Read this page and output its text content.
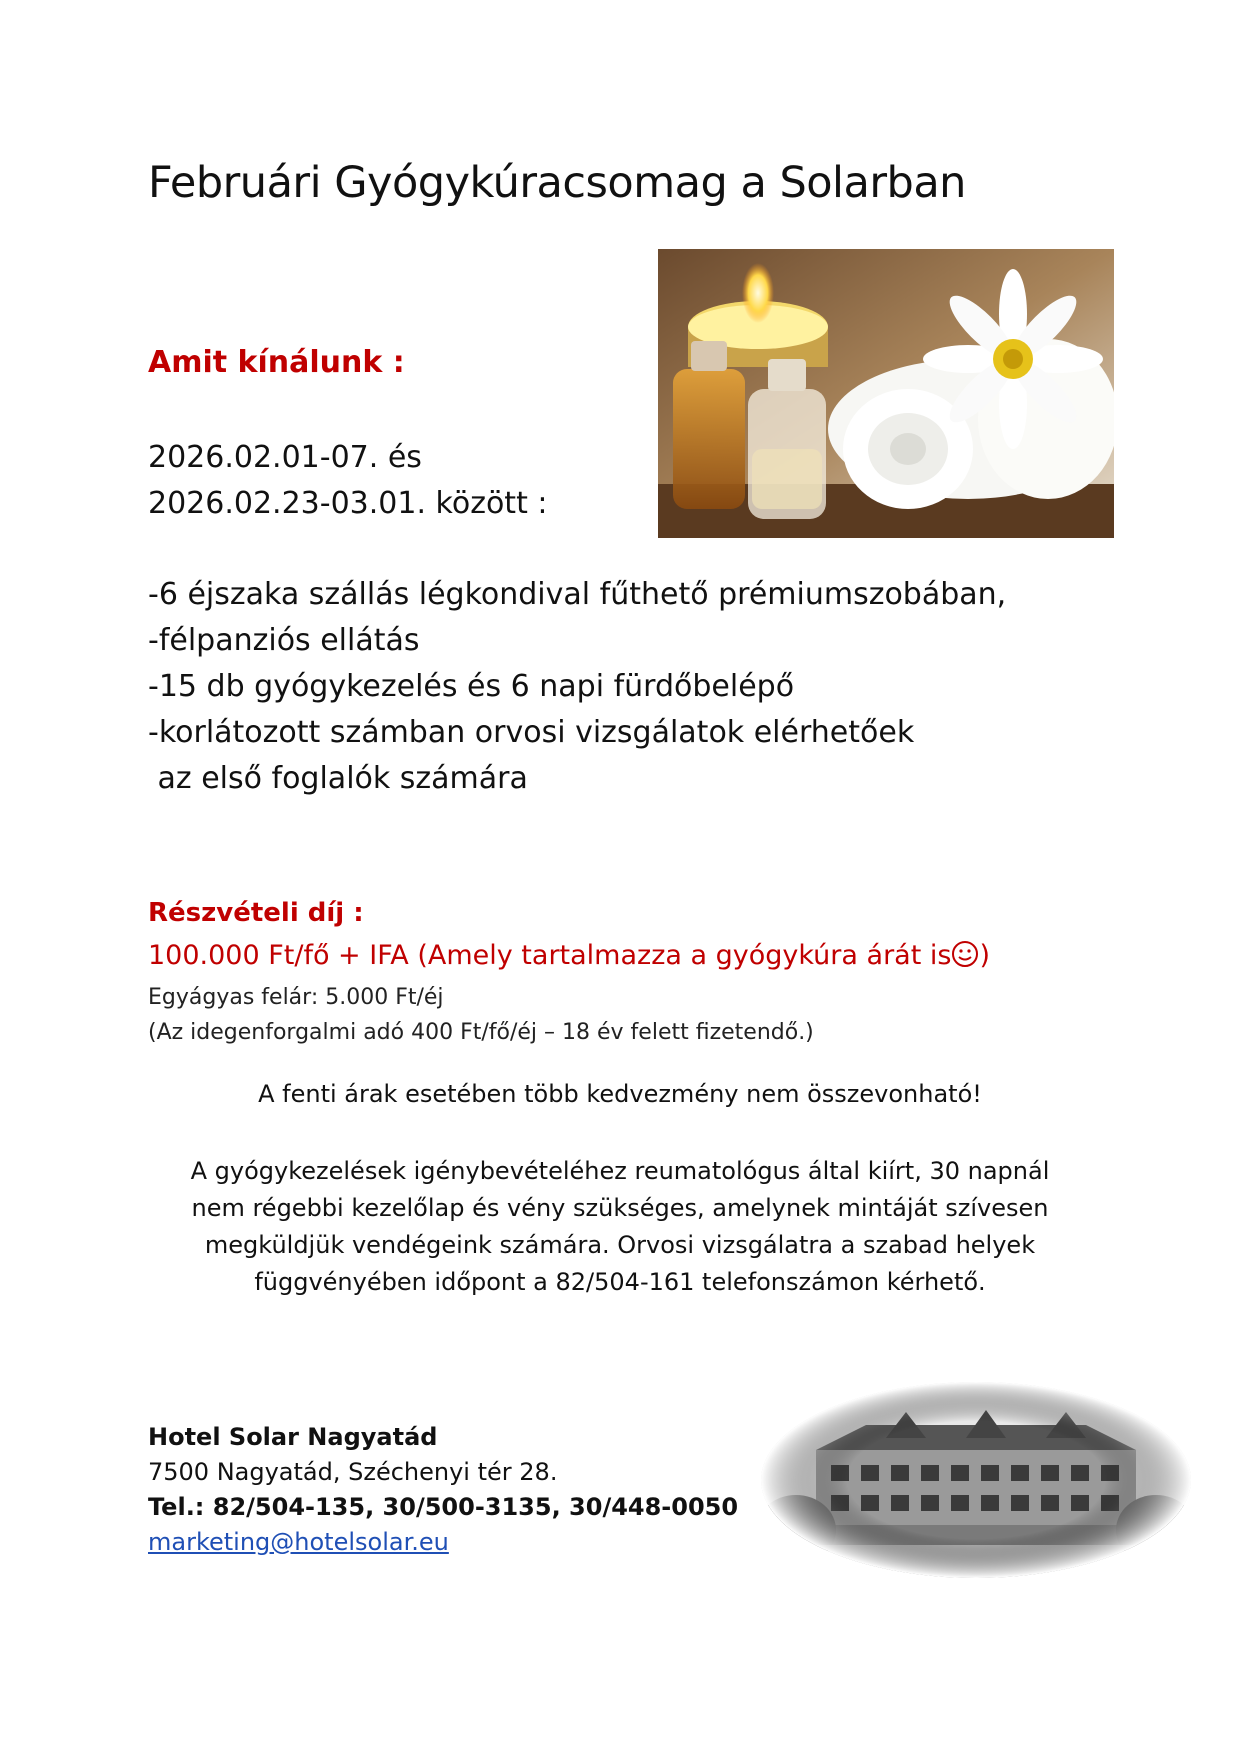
Februári Gyógykúracsomag a Solarban
Amit kínálunk :
2026.02.01-07. és
2026.02.23-03.01. között :
-6 éjszaka szállás légkondival fűthető prémiumszobában,
-félpanziós ellátás
-15 db gyógykezelés és 6 napi fürdőbelépő
-korlátozott számban orvosi vizsgálatok elérhetőek
az első foglalók számára
Részvételi díj :
100.000 Ft/fő + IFA (Amely tartalmazza a gyógykúra árát is )
Egyágyas felár: 5.000 Ft/éj
(Az idegenforgalmi adó 400 Ft/fő/éj – 18 év felett fizetendő.)
A fenti árak esetében több kedvezmény nem összevonható!
A gyógykezelések igénybevételéhez reumatológus által kiírt, 30 napnál
nem régebbi kezelőlap és vény szükséges, amelynek mintáját szívesen
megküldjük vendégeink számára. Orvosi vizsgálatra a szabad helyek
függvényében időpont a 82/504-161 telefonszámon kérhető.
Hotel Solar Nagyatád
7500 Nagyatád, Széchenyi tér 28.
Tel.: 82/504-135, 30/500-3135, 30/448-0050
marketing@hotelsolar.eu
